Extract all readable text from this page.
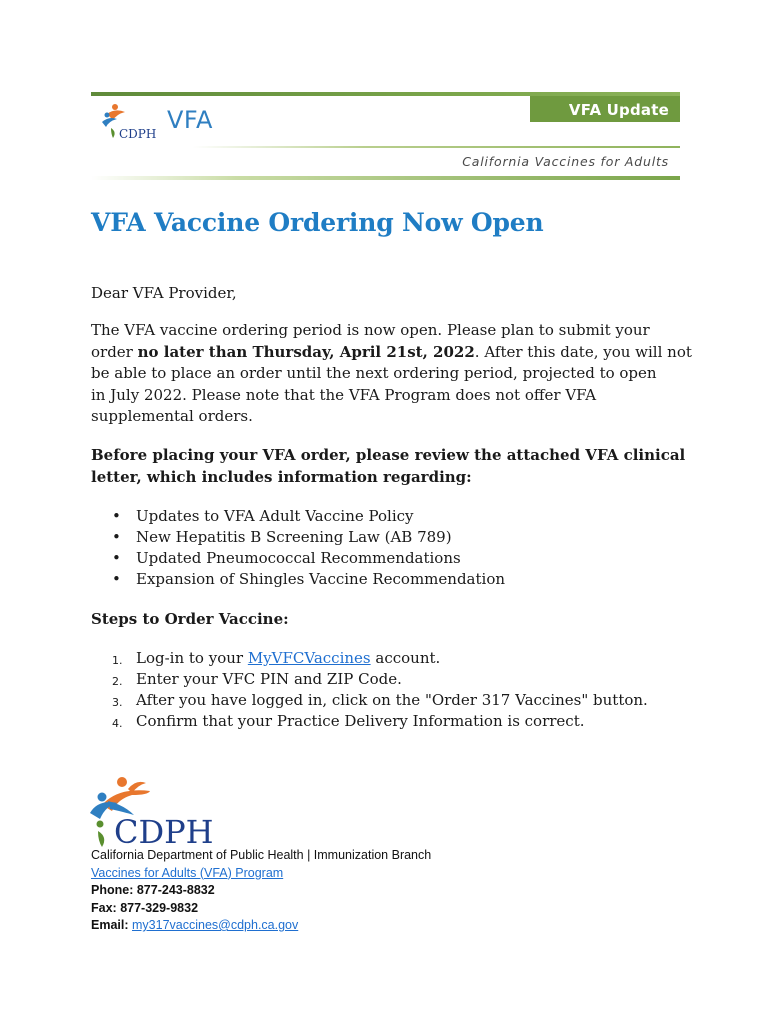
VFA Update
CDPH VFA
California Vaccines for Adults
VFA Vaccine Ordering Now Open
Dear VFA Provider,
The VFA vaccine ordering period is now open. Please plan to submit your
order no later than Thursday, April 21st, 2022. After this date, you will not
be able to place an order until the next ordering period, projected to open
in July 2022. Please note that the VFA Program does not offer VFA
supplemental orders.
Before placing your VFA order, please review the attached VFA clinical
letter, which includes information regarding:
• Updates to VFA Adult Vaccine Policy
• New Hepatitis B Screening Law (AB 789)
• Updated Pneumococcal Recommendations
• Expansion of Shingles Vaccine Recommendation
Steps to Order Vaccine:
1. Log-in to your MyVFCVaccines account.
2. Enter your VFC PIN and ZIP Code.
3. After you have logged in, click on the "Order 317 Vaccines" button.
4. Confirm that your Practice Delivery Information is correct.
CDPH
California Department of Public Health | Immunization Branch
Vaccines for Adults (VFA) Program
Phone: 877-243-8832
Fax: 877-329-9832
Email: my317vaccines@cdph.ca.gov
